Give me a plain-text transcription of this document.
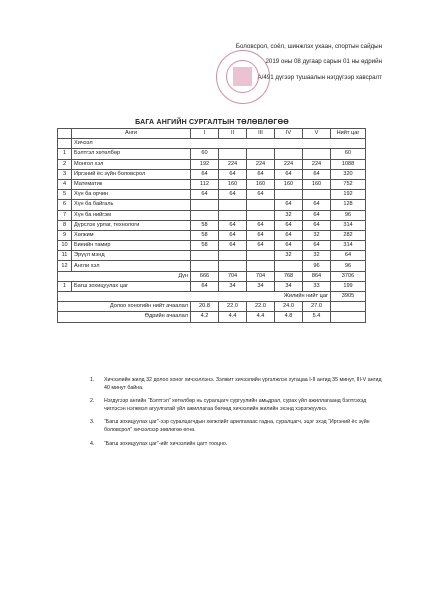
Боловсрол, соёл, шинжлэх ухаан, спортын сайдын
2019 оны 08 дугаар сарын 01 ны өдрийн
А/491 дүгээр тушаалын нэгдүгээр хавсралт
БАГА АНГИЙН СУРГАЛТЫН ТӨЛӨВЛӨГӨӨ
	Анги	I	II	III	IV	V	Нийт цаг
	Хичээл						
1	Бэлтгэл хөтөлбөр	60					60
2	Монгол хэл	192	224	224	224	224	1088
3	Иргэний ёс зүйн боловсрол	64	64	64	64	64	320
4	Математик	112	160	160	160	160	752
5	Хүн ба орчин	64	64	64			192
6	Хүн ба байгаль				64	64	128
7	Хүн ба нийгэм				32	64	96
8	Дүрслэх урлаг, технологи	58	64	64	64	64	314
9	Хөгжим	58	64	64	64	32	282
10	Биеийн тамир	58	64	64	64	64	314
11	Эрүүл мэнд				32	32	64
12	Англи хэл					96	96
Дүн		666	704	704	768	864	3706
1	Багш зохицуулах цаг	64	34	34	34	33	199
Жилийн нийт цаг							3905
Долоо хоногийн нийт ачаалал		20.8	22.0	22.0	24.0	27.0	
Өдрийн ачаалал		4.2	4.4	4.4	4.8	5.4	
1. Хичээлийн жилд 32 долоо хоног хичээллэнэ. Зэлжит хичээлийн үргэлжлэх хугацаа I-II ангид 35 минут, III-V ангид 40 минут байна.
2. Нэгдүгээр ангийн “Бэлтгэл” хөтөлбөр нь суралцагч сургуулийн амьдрал, сурах үйл ажиллагаанд бэлтгэхэд чиглэсэн нэгжмэл агуулгатай үйл ажиллагаа бөгөөд хичээлийн жилийн эхэнд хэрэгжүүлнэ.
3. “Багш зохицуулах цаг”-ээр суралцагчдын хөгжлийг арилгахаас гадна, суралцагч, эцэг эхэд “Иргэний ёс зүйн боловсрол” хичээлээр зөвлөгөө өгнө.
4. “Багш зохицуулах цаг”-ийг хичээлийн цагт тооцно.
